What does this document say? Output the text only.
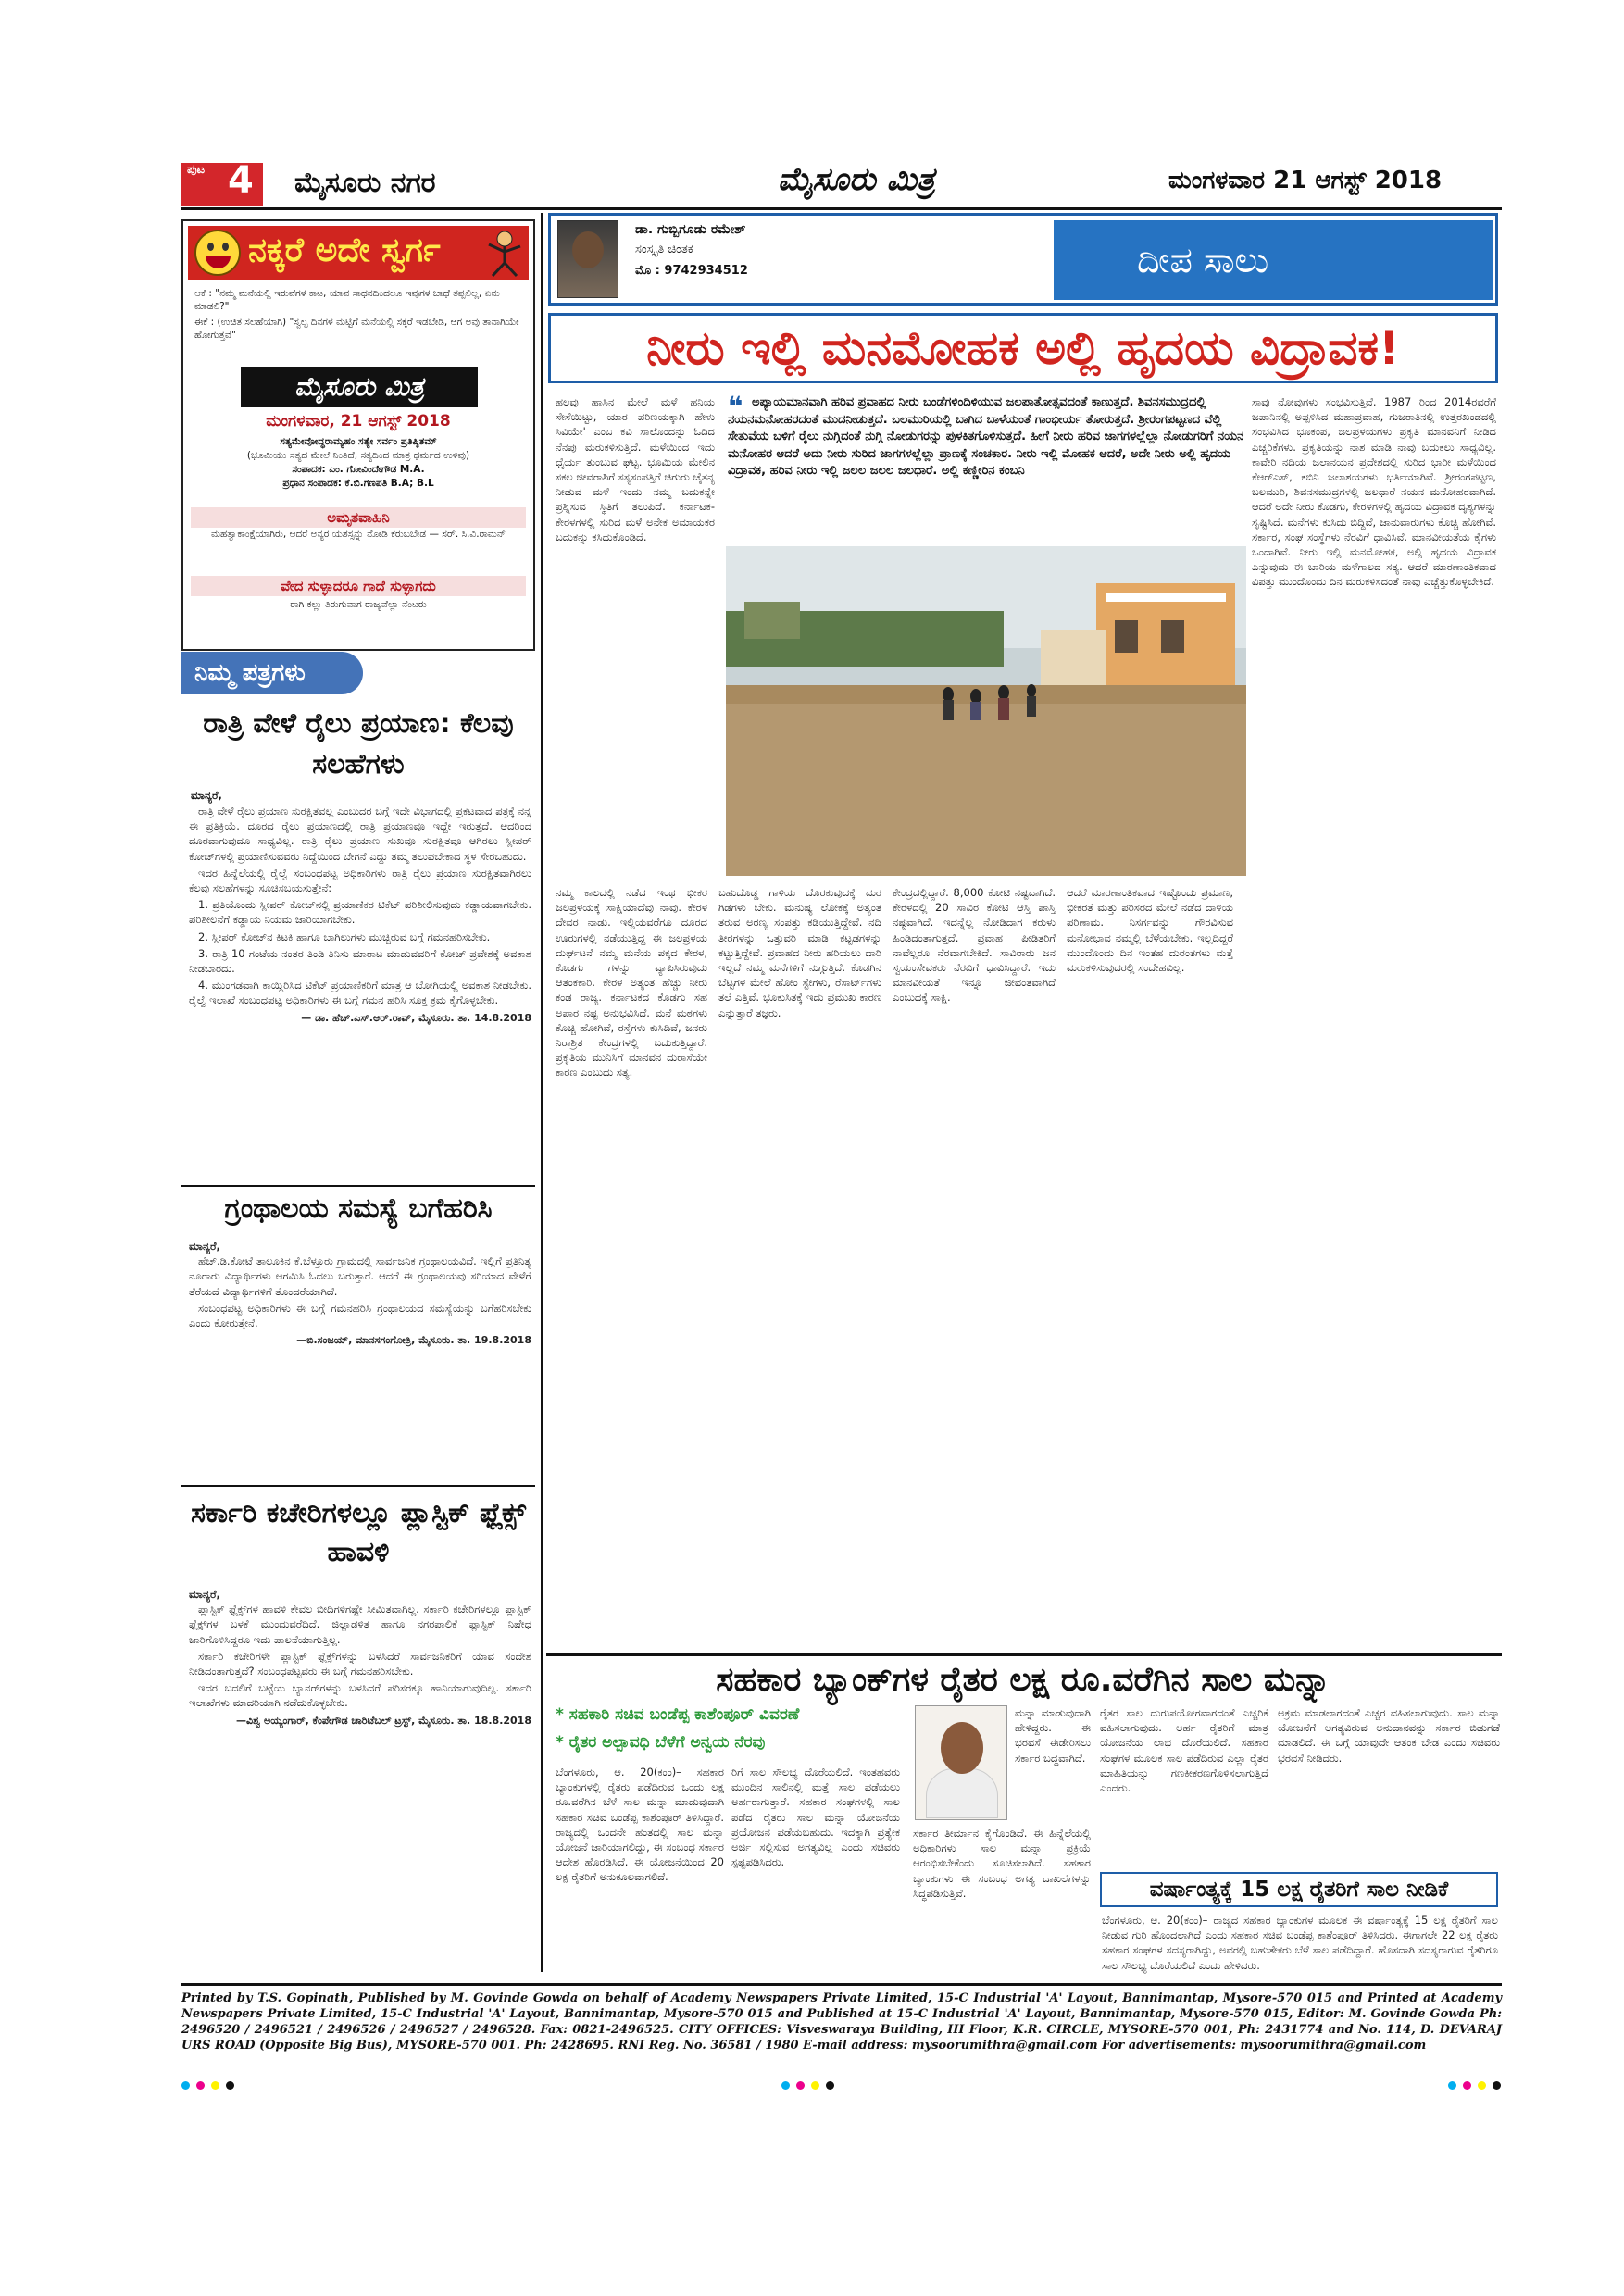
ಪುಟ 4 ಮೈಸೂರು ನಗರ	ಮೈಸೂರು ಮಿತ್ರ	ಮಂಗಳವಾರ 21 ಆಗಸ್ಟ್ 2018
ನಕ್ಕರೆ ಅದೇ ಸ್ವರ್ಗ
ಆಕೆ : "ನಮ್ಮ ಮನೆಯಲ್ಲಿ ಇರುವೆಗಳ ಕಾಟ, ಯಾವ ಸಾಧನದಿಂದಲೂ ಇವುಗಳ ಬಾಧೆ ತಪ್ಪಲಿಲ್ಲ, ಏನು ಮಾಡಲಿ?"
ಈಕೆ : (ಉಚಿತ ಸಲಹೆಯಾಗಿ) "ಸ್ವಲ್ಪ ದಿನಗಳ ಮಟ್ಟಿಗೆ ಮನೆಯಲ್ಲಿ ಸಕ್ಕರೆ ಇಡಬೇಡಿ, ಆಗ ಅವು ತಾನಾಗಿಯೇ ಹೋಗುತ್ತವೆ"
ಮೈಸೂರು ಮಿತ್ರ
ಮಂಗಳವಾರ, 21 ಆಗಸ್ಟ್ 2018
ಸತ್ಯಮೇವೋದ್ಧರಾಮ್ಯಹಂ ಸತ್ಯೇ ಸರ್ವಂ ಪ್ರತಿಷ್ಠಿತಮ್
(ಭೂಮಿಯು ಸತ್ಯದ ಮೇಲೆ ನಿಂತಿದೆ, ಸತ್ಯದಿಂದ ಮಾತ್ರ ಧರ್ಮದ ಉಳಿವು)
ಸಂಪಾದಕ: ಎಂ. ಗೋವಿಂದೇಗೌಡ M.A.
ಪ್ರಧಾನ ಸಂಪಾದಕ: ಕೆ.ಬಿ.ಗಣಪತಿ B.A; B.L
ಅಮೃತವಾಹಿನಿ
ಮಹತ್ವಾಕಾಂಕ್ಷೆಯಾಗಿರು, ಆದರೆ ಅನ್ಯರ ಯಶಸ್ಸನ್ನು ನೋಡಿ ಕರುಬಬೇಡ — ಸರ್. ಸಿ.ವಿ.ರಾಮನ್
ವೇದ ಸುಳ್ಳಾದರೂ ಗಾದೆ ಸುಳ್ಳಾಗದು
ರಾಗಿ ಕಲ್ಲು ತಿರುಗುವಾಗ ರಾಜ್ಯವೆಲ್ಲಾ ನೆಂಟರು
ನಿಮ್ಮ ಪತ್ರಗಳು
ರಾತ್ರಿ ವೇಳೆ ರೈಲು ಪ್ರಯಾಣ: ಕೆಲವು ಸಲಹೆಗಳು
ಮಾನ್ಯರೆ,

ರಾತ್ರಿ ವೇಳೆ ರೈಲು ಪ್ರಯಾಣ ಸುರಕ್ಷಿತವಲ್ಲ ಎಂಬುದರ ಬಗ್ಗೆ ಇದೇ ವಿಭಾಗದಲ್ಲಿ ಪ್ರಕಟವಾದ ಪತ್ರಕ್ಕೆ ನನ್ನ ಈ ಪ್ರತಿಕ್ರಿಯೆ. ದೂರದ ರೈಲು ಪ್ರಯಾಣದಲ್ಲಿ ರಾತ್ರಿ ಪ್ರಯಾಣವೂ ಇದ್ದೇ ಇರುತ್ತದೆ. ಆದರಿಂದ ದೂರವಾಗುವುದೂ ಸಾಧ್ಯವಿಲ್ಲ. ರಾತ್ರಿ ರೈಲು ಪ್ರಯಾಣ ಸುಖವೂ ಸುರಕ್ಷಿತವೂ ಆಗಿರಲು ಸ್ಲೀಪರ್ ಕೋಚ್‌ಗಳಲ್ಲಿ ಪ್ರಯಾಣಿಸುವವರು ನಿದ್ದೆಯಿಂದ ಬೇಗನೆ ಎದ್ದು ತಮ್ಮ ತಲುಪಬೇಕಾದ ಸ್ಥಳ ಸೇರಬಹುದು.

ಇದರ ಹಿನ್ನೆಲೆಯಲ್ಲಿ ರೈಲ್ವೆ ಸಂಬಂಧಪಟ್ಟ ಅಧಿಕಾರಿಗಳು ರಾತ್ರಿ ರೈಲು ಪ್ರಯಾಣ ಸುರಕ್ಷಿತವಾಗಿರಲು ಕೆಲವು ಸಲಹೆಗಳನ್ನು ಸೂಚಿಸಬಯಸುತ್ತೇನೆ:

1. ಪ್ರತಿಯೊಂದು ಸ್ಲೀಪರ್ ಕೋಚ್‌ನಲ್ಲಿ ಪ್ರಯಾಣಿಕರ ಟಿಕೆಟ್ ಪರಿಶೀಲಿಸುವುದು ಕಡ್ಡಾಯವಾಗಬೇಕು. ಪರಿಶೀಲನೆಗೆ ಕಡ್ಡಾಯ ನಿಯಮ ಜಾರಿಯಾಗಬೇಕು.

2. ಸ್ಲೀಪರ್ ಕೋಚ್‌ನ ಕಿಟಕಿ ಹಾಗೂ ಬಾಗಿಲುಗಳು ಮುಚ್ಚಿರುವ ಬಗ್ಗೆ ಗಮನಹರಿಸಬೇಕು.

3. ರಾತ್ರಿ 10 ಗಂಟೆಯ ನಂತರ ತಿಂಡಿ ತಿನಿಸು ಮಾರಾಟ ಮಾಡುವವರಿಗೆ ಕೋಚ್ ಪ್ರವೇಶಕ್ಕೆ ಅವಕಾಶ ನೀಡಬಾರದು.

4. ಮುಂಗಡವಾಗಿ ಕಾಯ್ದಿರಿಸಿದ ಟಿಕೆಟ್ ಪ್ರಯಾಣಿಕರಿಗೆ ಮಾತ್ರ ಆ ಬೋಗಿಯಲ್ಲಿ ಅವಕಾಶ ನೀಡಬೇಕು. ರೈಲ್ವೆ ಇಲಾಖೆ ಸಂಬಂಧಪಟ್ಟ ಅಧಿಕಾರಿಗಳು ಈ ಬಗ್ಗೆ ಗಮನ ಹರಿಸಿ ಸೂಕ್ತ ಕ್ರಮ ಕೈಗೊಳ್ಳಬೇಕು.

— ಡಾ. ಹೆಚ್.ಎಸ್.ಆರ್.ರಾವ್, ಮೈಸೂರು. ತಾ. 14.8.2018
ಗ್ರಂಥಾಲಯ ಸಮಸ್ಯೆ ಬಗೆಹರಿಸಿ
ಮಾನ್ಯರೆ,

ಹೆಚ್.ಡಿ.ಕೋಟೆ ತಾಲೂಕಿನ ಕೆ.ಬೆಳ್ತೂರು ಗ್ರಾಮದಲ್ಲಿ ಸಾರ್ವಜನಿಕ ಗ್ರಂಥಾಲಯವಿದೆ. ಇಲ್ಲಿಗೆ ಪ್ರತಿನಿತ್ಯ ನೂರಾರು ವಿದ್ಯಾರ್ಥಿಗಳು ಆಗಮಿಸಿ ಓದಲು ಬರುತ್ತಾರೆ. ಆದರೆ ಈ ಗ್ರಂಥಾಲಯವು ಸರಿಯಾದ ವೇಳೆಗೆ ತೆರೆಯದೆ ವಿದ್ಯಾರ್ಥಿಗಳಿಗೆ ತೊಂದರೆಯಾಗಿದೆ.

ಸಂಬಂಧಪಟ್ಟ ಅಧಿಕಾರಿಗಳು ಈ ಬಗ್ಗೆ ಗಮನಹರಿಸಿ ಗ್ರಂಥಾಲಯದ ಸಮಸ್ಯೆಯನ್ನು ಬಗೆಹರಿಸಬೇಕು ಎಂದು ಕೋರುತ್ತೇನೆ.

—ಬಿ.ಸಂಜಯ್, ಮಾನಸಗಂಗೋತ್ರಿ, ಮೈಸೂರು. ತಾ. 19.8.2018
ಸರ್ಕಾರಿ ಕಚೇರಿಗಳಲ್ಲೂ ಪ್ಲಾಸ್ಟಿಕ್ ಫ್ಲೆಕ್ಸ್ ಹಾವಳಿ
ಮಾನ್ಯರೆ,

ಪ್ಲಾಸ್ಟಿಕ್ ಫ್ಲೆಕ್ಸ್‌ಗಳ ಹಾವಳಿ ಕೇವಲ ಬೀದಿಗಳಿಗಷ್ಟೇ ಸೀಮಿತವಾಗಿಲ್ಲ. ಸರ್ಕಾರಿ ಕಚೇರಿಗಳಲ್ಲೂ ಪ್ಲಾಸ್ಟಿಕ್ ಫ್ಲೆಕ್ಸ್‌ಗಳ ಬಳಕೆ ಮುಂದುವರೆದಿದೆ. ಜಿಲ್ಲಾಡಳಿತ ಹಾಗೂ ನಗರಪಾಲಿಕೆ ಪ್ಲಾಸ್ಟಿಕ್ ನಿಷೇಧ ಜಾರಿಗೊಳಿಸಿದ್ದರೂ ಇದು ಪಾಲನೆಯಾಗುತ್ತಿಲ್ಲ.

ಸರ್ಕಾರಿ ಕಚೇರಿಗಳೇ ಪ್ಲಾಸ್ಟಿಕ್ ಫ್ಲೆಕ್ಸ್‌ಗಳನ್ನು ಬಳಸಿದರೆ ಸಾರ್ವಜನಿಕರಿಗೆ ಯಾವ ಸಂದೇಶ ನೀಡಿದಂತಾಗುತ್ತದೆ? ಸಂಬಂಧಪಟ್ಟವರು ಈ ಬಗ್ಗೆ ಗಮನಹರಿಸಬೇಕು.

ಇದರ ಬದಲಿಗೆ ಬಟ್ಟೆಯ ಬ್ಯಾನರ್‌ಗಳನ್ನು ಬಳಸಿದರೆ ಪರಿಸರಕ್ಕೂ ಹಾನಿಯಾಗುವುದಿಲ್ಲ. ಸರ್ಕಾರಿ ಇಲಾಖೆಗಳು ಮಾದರಿಯಾಗಿ ನಡೆದುಕೊಳ್ಳಬೇಕು.

—ವಿಶ್ವ ಅಯ್ಯಂಗಾರ್, ಕೆಂಪೇಗೌಡ ಚಾರಿಟೆಬಲ್ ಟ್ರಸ್ಟ್, ಮೈಸೂರು. ತಾ. 18.8.2018
ಡಾ. ಗುಬ್ಬಿಗೂಡು ರಮೇಶ್
ಸಂಸ್ಕೃತಿ ಚಿಂತಕ
ಮೊ : 9742934512	ದೀಪ ಸಾಲು
ನೀರು ಇಲ್ಲಿ ಮನಮೋಹಕ ಅಲ್ಲಿ ಹೃದಯ ವಿದ್ರಾವಕ!
ಹಲವು ಹಾಸಿನ ಮೇಲೆ ಮಳೆ ಹನಿಯ ಸೇಸೆಯಿಟ್ಟು, ಯಾರ ಪರಿಣಯಕ್ಕಾಗಿ ಹೇಳು ಸಿವಿಯೇ' ಎಂಬ ಕವಿ ಸಾಲೊಂದನ್ನು ಓದಿದ ನೆನಪು ಮರುಕಳಿಸುತ್ತಿದೆ. ಮಳೆಯಿಂದ ಇದು ಧೈರ್ಯ ತುಂಬುವ ಘಟ್ಟ. ಭೂಮಿಯ ಮೇಲಿನ ಸಕಲ ಜೀವರಾಶಿಗೆ ಸಸ್ಯಸಂಪತ್ತಿಗೆ ಚಿಗುರು ಚೈತನ್ಯ ನೀಡುವ ಮಳೆ ಇಂದು ನಮ್ಮ ಬದುಕನ್ನೇ ಪ್ರಶ್ನಿಸುವ ಸ್ಥಿತಿಗೆ ತಲುಪಿದೆ. ಕರ್ನಾಟಕ-ಕೇರಳಗಳಲ್ಲಿ ಸುರಿದ ಮಳೆ ಅನೇಕ ಅಮಾಯಕರ ಬದುಕನ್ನು ಕಸಿದುಕೊಂಡಿದೆ.
❝ ಅಪ್ಯಾಯಮಾನವಾಗಿ ಹರಿವ ಪ್ರವಾಹದ ನೀರು ಬಂಡೆಗಳಿಂದಿಳಿಯುವ ಜಲಪಾತೋತ್ಸವದಂತೆ ಕಾಣುತ್ತದೆ. ಶಿವನಸಮುದ್ರದಲ್ಲಿ ನಯನಮನೋಹರದಂತೆ ಮುದನೀಡುತ್ತದೆ. ಬಲಮುರಿಯಲ್ಲಿ ಬಾಗಿದ ಬಾಳೆಯಂತೆ ಗಾಂಭೀರ್ಯ ತೋರುತ್ತದೆ. ಶ್ರೀರಂಗಪಟ್ಟಣದ ವೆಲ್ಲಿ ಸೇತುವೆಯ ಬಳಿಗೆ ರೈಲು ನುಗ್ಗಿದಂತೆ ನುಗ್ಗಿ ನೋಡುಗರನ್ನು ಪುಳಕಿತಗೊಳಿಸುತ್ತದೆ. ಹೀಗೆ ನೀರು ಹರಿವ ಜಾಗಗಳಲ್ಲೆಲ್ಲಾ ನೋಡುಗರಿಗೆ ನಯನ ಮನೋಹರ ಆದರೆ ಅದು ನೀರು ಸುರಿದ ಜಾಗಗಳಲ್ಲೆಲ್ಲಾ ಪ್ರಾಣಕ್ಕೆ ಸಂಚಕಾರ. ನೀರು ಇಲ್ಲಿ ಮೋಹಕ ಆದರೆ, ಅದೇ ನೀರು ಅಲ್ಲಿ ಹೃದಯ ವಿದ್ರಾವಕ, ಹರಿವ ನೀರು ಇಲ್ಲಿ ಜಲಲ ಜಲಲ ಜಲಧಾರೆ. ಅಲ್ಲಿ ಕಣ್ಣೀರಿನ ಕಂಬನಿ
ನಮ್ಮ ಕಾಲದಲ್ಲಿ ನಡೆದ ಇಂಥ ಭೀಕರ ಜಲಪ್ರಳಯಕ್ಕೆ ಸಾಕ್ಷಿಯಾದೆವು ನಾವು. ಕೇರಳ ದೇವರ ನಾಡು. ಇಲ್ಲಿಯವರೆಗೂ ದೂರದ ಊರುಗಳಲ್ಲಿ ನಡೆಯುತ್ತಿದ್ದ ಈ ಜಲಪ್ರಳಯ ದುರ್ಘಟನೆ ನಮ್ಮ ಮನೆಯ ಪಕ್ಕದ ಕೇರಳ, ಕೊಡಗು ಗಳನ್ನು ವ್ಯಾಪಿಸಿರುವುದು ಆತಂಕಕಾರಿ. ಕೇರಳ ಅತ್ಯಂತ ಹೆಚ್ಚು ನೀರು ಕಂಡ ರಾಜ್ಯ. ಕರ್ನಾಟಕದ ಕೊಡಗು ಸಹ ಅಪಾರ ನಷ್ಟ ಅನುಭವಿಸಿದೆ. ಮನೆ ಮಠಗಳು ಕೊಚ್ಚಿ ಹೋಗಿವೆ, ರಸ್ತೆಗಳು ಕುಸಿದಿವೆ, ಜನರು ನಿರಾಶ್ರಿತ ಕೇಂದ್ರಗಳಲ್ಲಿ ಬದುಕುತ್ತಿದ್ದಾರೆ. ಪ್ರಕೃತಿಯ ಮುನಿಸಿಗೆ ಮಾನವನ ದುರಾಸೆಯೇ ಕಾರಣ ಎಂಬುದು ಸತ್ಯ.
ಬಹುದೊಡ್ಡ ಗಾಳಿಯ ದೊರಕುವುದಕ್ಕೆ ಮರ ಗಿಡಗಳು ಬೇಕು. ಮನುಷ್ಯ ಲೋಕಕ್ಕೆ ಅತ್ಯಂತ ತರುವ ಅರಣ್ಯ ಸಂಪತ್ತು ಕಡಿಯುತ್ತಿದ್ದೇವೆ. ನದಿ ತೀರಗಳನ್ನು ಒತ್ತುವರಿ ಮಾಡಿ ಕಟ್ಟಡಗಳನ್ನು ಕಟ್ಟುತ್ತಿದ್ದೇವೆ. ಪ್ರವಾಹದ ನೀರು ಹರಿಯಲು ದಾರಿ ಇಲ್ಲದೆ ನಮ್ಮ ಮನೆಗಳಿಗೆ ನುಗ್ಗುತ್ತಿದೆ. ಕೊಡಗಿನ ಬೆಟ್ಟಗಳ ಮೇಲೆ ಹೋಂ ಸ್ಟೇಗಳು, ರೆಸಾರ್ಟ್‌ಗಳು ತಲೆ ಎತ್ತಿವೆ. ಭೂಕುಸಿತಕ್ಕೆ ಇದು ಪ್ರಮುಖ ಕಾರಣ ಎನ್ನುತ್ತಾರೆ ತಜ್ಞರು.
ಕೇಂದ್ರದಲ್ಲಿದ್ದಾರೆ. 8,000 ಕೋಟಿ ನಷ್ಟವಾಗಿದೆ. ಕೇರಳದಲ್ಲಿ 20 ಸಾವಿರ ಕೋಟಿ ಆಸ್ತಿ ಪಾಸ್ತಿ ನಷ್ಟವಾಗಿದೆ. ಇದನ್ನೆಲ್ಲ ನೋಡಿದಾಗ ಕರುಳು ಹಿಂಡಿದಂತಾಗುತ್ತದೆ. ಪ್ರವಾಹ ಪೀಡಿತರಿಗೆ ನಾವೆಲ್ಲರೂ ನೆರವಾಗಬೇಕಿದೆ. ಸಾವಿರಾರು ಜನ ಸ್ವಯಂಸೇವಕರು ನೆರವಿಗೆ ಧಾವಿಸಿದ್ದಾರೆ. ಇದು ಮಾನವೀಯತೆ ಇನ್ನೂ ಜೀವಂತವಾಗಿದೆ ಎಂಬುದಕ್ಕೆ ಸಾಕ್ಷಿ.
ಆದರೆ ಮಾರಣಾಂತಿಕವಾದ ಇಷ್ಟೊಂದು ಪ್ರಮಾಣ, ಭೀಕರತೆ ಮತ್ತು ಪರಿಸರದ ಮೇಲೆ ನಡೆದ ದಾಳಿಯ ಪರಿಣಾಮ. ನಿಸರ್ಗವನ್ನು ಗೌರವಿಸುವ ಮನೋಭಾವ ನಮ್ಮಲ್ಲಿ ಬೆಳೆಯಬೇಕು. ಇಲ್ಲದಿದ್ದರೆ ಮುಂದೊಂದು ದಿನ ಇಂತಹ ದುರಂತಗಳು ಮತ್ತೆ ಮರುಕಳಿಸುವುದರಲ್ಲಿ ಸಂದೇಹವಿಲ್ಲ.
ಸಾವು ನೋವುಗಳು ಸಂಭವಿಸುತ್ತಿವೆ. 1987 ರಿಂದ 2014ರವರೆಗೆ ಜಪಾನಿನಲ್ಲಿ ಅಪ್ಪಳಿಸಿದ ಮಹಾಪ್ರವಾಹ, ಗುಜರಾತಿನಲ್ಲಿ ಉತ್ತರಖಂಡದಲ್ಲಿ ಸಂಭವಿಸಿದ ಭೂಕಂಪ, ಜಲಪ್ರಳಯಗಳು ಪ್ರಕೃತಿ ಮಾನವನಿಗೆ ನೀಡಿದ ಎಚ್ಚರಿಕೆಗಳು. ಪ್ರಕೃತಿಯನ್ನು ನಾಶ ಮಾಡಿ ನಾವು ಬದುಕಲು ಸಾಧ್ಯವಿಲ್ಲ. ಕಾವೇರಿ ನದಿಯ ಜಲಾನಯನ ಪ್ರದೇಶದಲ್ಲಿ ಸುರಿದ ಭಾರೀ ಮಳೆಯಿಂದ ಕೆಆರ್‌ಎಸ್, ಕಬಿನಿ ಜಲಾಶಯಗಳು ಭರ್ತಿಯಾಗಿವೆ. ಶ್ರೀರಂಗಪಟ್ಟಣ, ಬಲಮುರಿ, ಶಿವನಸಮುದ್ರಗಳಲ್ಲಿ ಜಲಧಾರೆ ನಯನ ಮನೋಹರವಾಗಿದೆ. ಆದರೆ ಅದೇ ನೀರು ಕೊಡಗು, ಕೇರಳಗಳಲ್ಲಿ ಹೃದಯ ವಿದ್ರಾವಕ ದೃಶ್ಯಗಳನ್ನು ಸೃಷ್ಟಿಸಿದೆ. ಮನೆಗಳು ಕುಸಿದು ಬಿದ್ದಿವೆ, ಜಾನುವಾರುಗಳು ಕೊಚ್ಚಿ ಹೋಗಿವೆ. ಸರ್ಕಾರ, ಸಂಘ ಸಂಸ್ಥೆಗಳು ನೆರವಿಗೆ ಧಾವಿಸಿವೆ. ಮಾನವೀಯತೆಯ ಕೈಗಳು ಒಂದಾಗಿವೆ. ನೀರು ಇಲ್ಲಿ ಮನಮೋಹಕ, ಅಲ್ಲಿ ಹೃದಯ ವಿದ್ರಾವಕ ಎನ್ನುವುದು ಈ ಬಾರಿಯ ಮಳೆಗಾಲದ ಸತ್ಯ. ಆದರೆ ಮಾರಣಾಂತಿಕವಾದ ವಿಪತ್ತು ಮುಂದೊಂದು ದಿನ ಮರುಕಳಿಸದಂತೆ ನಾವು ಎಚ್ಚೆತ್ತುಕೊಳ್ಳಬೇಕಿದೆ.
ಸಹಕಾರ ಬ್ಯಾಂಕ್‌ಗಳ ರೈತರ ಲಕ್ಷ ರೂ.ವರೆಗಿನ ಸಾಲ ಮನ್ನಾ
* ಸಹಕಾರಿ ಸಚಿವ ಬಂಡೆಪ್ಪ ಕಾಶೆಂಪೂರ್ ವಿವರಣೆ
* ರೈತರ ಅಲ್ಪಾವಧಿ ಬೆಳೆಗೆ ಅನ್ವಯ ನೆರವು
ಬೆಂಗಳೂರು, ಆ. 20(ಕಂಂ)– ಸಹಕಾರ ಬ್ಯಾಂಕುಗಳಲ್ಲಿ ರೈತರು ಪಡೆದಿರುವ ಒಂದು ಲಕ್ಷ ರೂ.ವರೆಗಿನ ಬೆಳೆ ಸಾಲ ಮನ್ನಾ ಮಾಡುವುದಾಗಿ ಸಹಕಾರ ಸಚಿವ ಬಂಡೆಪ್ಪ ಕಾಶೆಂಪೂರ್ ತಿಳಿಸಿದ್ದಾರೆ. ರಾಜ್ಯದಲ್ಲಿ ಒಂದನೇ ಹಂತದಲ್ಲಿ ಸಾಲ ಮನ್ನಾ ಯೋಜನೆ ಜಾರಿಯಾಗಲಿದ್ದು, ಈ ಸಂಬಂಧ ಸರ್ಕಾರ ಆದೇಶ ಹೊರಡಿಸಿದೆ. ಈ ಯೋಜನೆಯಿಂದ 20 ಲಕ್ಷ ರೈತರಿಗೆ ಅನುಕೂಲವಾಗಲಿದೆ.
ರಿಗೆ ಸಾಲ ಸೌಲಭ್ಯ ದೊರೆಯಲಿದೆ. ಇಂತಹವರು ಮುಂದಿನ ಸಾಲಿನಲ್ಲಿ ಮತ್ತೆ ಸಾಲ ಪಡೆಯಲು ಅರ್ಹರಾಗುತ್ತಾರೆ. ಸಹಕಾರ ಸಂಘಗಳಲ್ಲಿ ಸಾಲ ಪಡೆದ ರೈತರು ಸಾಲ ಮನ್ನಾ ಯೋಜನೆಯ ಪ್ರಯೋಜನ ಪಡೆಯಬಹುದು. ಇದಕ್ಕಾಗಿ ಪ್ರತ್ಯೇಕ ಅರ್ಜಿ ಸಲ್ಲಿಸುವ ಅಗತ್ಯವಿಲ್ಲ ಎಂದು ಸಚಿವರು ಸ್ಪಷ್ಟಪಡಿಸಿದರು.
ಮನ್ನಾ ಮಾಡುವುದಾಗಿ ಹೇಳಿದ್ದರು. ಈ ಭರವಸೆ ಈಡೇರಿಸಲು ಸರ್ಕಾರ ಬದ್ಧವಾಗಿದೆ.
ಸರ್ಕಾರ ತೀರ್ಮಾನ ಕೈಗೊಂಡಿದೆ. ಈ ಹಿನ್ನೆಲೆಯಲ್ಲಿ ಅಧಿಕಾರಿಗಳು ಸಾಲ ಮನ್ನಾ ಪ್ರಕ್ರಿಯೆ ಆರಂಭಿಸಬೇಕೆಂದು ಸೂಚಿಸಲಾಗಿದೆ. ಸಹಕಾರ ಬ್ಯಾಂಕುಗಳು ಈ ಸಂಬಂಧ ಅಗತ್ಯ ದಾಖಲೆಗಳನ್ನು ಸಿದ್ಧಪಡಿಸುತ್ತಿವೆ.
ರೈತರ ಸಾಲ ದುರುಪಯೋಗವಾಗದಂತೆ ಎಚ್ಚರಿಕೆ ವಹಿಸಲಾಗುವುದು. ಅರ್ಹ ರೈತರಿಗೆ ಮಾತ್ರ ಯೋಜನೆಯ ಲಾಭ ದೊರೆಯಲಿದೆ. ಸಹಕಾರ ಸಂಘಗಳ ಮೂಲಕ ಸಾಲ ಪಡೆದಿರುವ ಎಲ್ಲಾ ರೈತರ ಮಾಹಿತಿಯನ್ನು ಗಣಕೀಕರಣಗೊಳಿಸಲಾಗುತ್ತಿದೆ ಎಂದರು.
ಅಕ್ರಮ ಮಾಡಲಾಗದಂತೆ ಎಚ್ಚರ ವಹಿಸಲಾಗುವುದು. ಸಾಲ ಮನ್ನಾ ಯೋಜನೆಗೆ ಅಗತ್ಯವಿರುವ ಅನುದಾನವನ್ನು ಸರ್ಕಾರ ಬಿಡುಗಡೆ ಮಾಡಲಿದೆ. ಈ ಬಗ್ಗೆ ಯಾವುದೇ ಆತಂಕ ಬೇಡ ಎಂದು ಸಚಿವರು ಭರವಸೆ ನೀಡಿದರು.
ವರ್ಷಾಂತ್ಯಕ್ಕೆ 15 ಲಕ್ಷ ರೈತರಿಗೆ ಸಾಲ ನೀಡಿಕೆ
ಬೆಂಗಳೂರು, ಆ. 20(ಕಂಂ)– ರಾಜ್ಯದ ಸಹಕಾರ ಬ್ಯಾಂಕುಗಳ ಮೂಲಕ ಈ ವರ್ಷಾಂತ್ಯಕ್ಕೆ 15 ಲಕ್ಷ ರೈತರಿಗೆ ಸಾಲ ನೀಡುವ ಗುರಿ ಹೊಂದಲಾಗಿದೆ ಎಂದು ಸಹಕಾರ ಸಚಿವ ಬಂಡೆಪ್ಪ ಕಾಶೆಂಪೂರ್ ತಿಳಿಸಿದರು. ಈಗಾಗಲೇ 22 ಲಕ್ಷ ರೈತರು ಸಹಕಾರ ಸಂಘಗಳ ಸದಸ್ಯರಾಗಿದ್ದು, ಅವರಲ್ಲಿ ಬಹುತೇಕರು ಬೆಳೆ ಸಾಲ ಪಡೆದಿದ್ದಾರೆ. ಹೊಸದಾಗಿ ಸದಸ್ಯರಾಗುವ ರೈತರಿಗೂ ಸಾಲ ಸೌಲಭ್ಯ ದೊರೆಯಲಿದೆ ಎಂದು ಹೇಳಿದರು.
Printed by T.S. Gopinath, Published by M. Govinde Gowda on behalf of Academy Newspapers Private Limited, 15-C Industrial 'A' Layout, Bannimantap, Mysore-570 015 and Printed at Academy Newspapers Private Limited, 15-C Industrial 'A' Layout, Bannimantap, Mysore-570 015 and Published at 15-C Industrial 'A' Layout, Bannimantap, Mysore-570 015, Editor: M. Govinde Gowda Ph: 2496520 / 2496521 / 2496526 / 2496527 / 2496528. Fax: 0821-2496525. CITY OFFICES: Visveswaraya Building, III Floor, K.R. CIRCLE, MYSORE-570 001, Ph: 2431774 and No. 114, D. DEVARAJ URS ROAD (Opposite Big Bus), MYSORE-570 001. Ph: 2428695. RNI Reg. No. 36581 / 1980 E-mail address: mysoorumithra@gmail.com For advertisements: mysoorumithra@gmail.com
